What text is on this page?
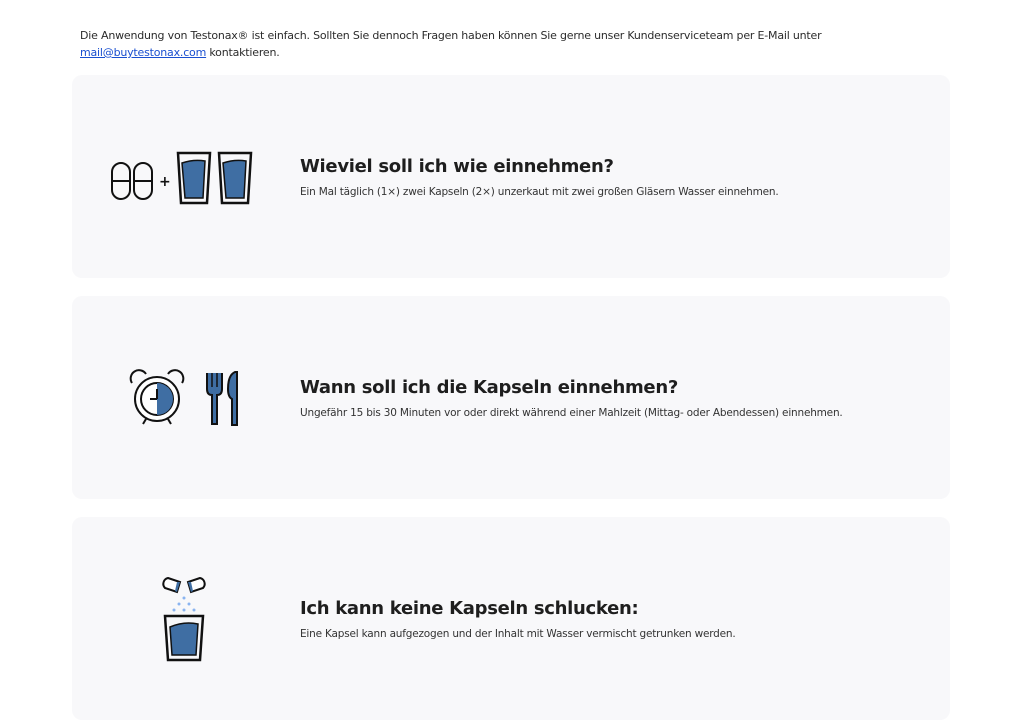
Die Anwendung von Testonax® ist einfach. Sollten Sie dennoch Fragen haben können Sie gerne unser Kundenserviceteam per E-Mail unter mail@buytestonax.com kontaktieren.
+
Wieviel soll ich wie einnehmen?
Ein Mal täglich (1×) zwei Kapseln (2×) unzerkaut mit zwei großen Gläsern Wasser einnehmen.
Wann soll ich die Kapseln einnehmen?
Ungefähr 15 bis 30 Minuten vor oder direkt während einer Mahlzeit (Mittag- oder Abendessen) einnehmen.
Ich kann keine Kapseln schlucken:
Eine Kapsel kann aufgezogen und der Inhalt mit Wasser vermischt getrunken werden.
